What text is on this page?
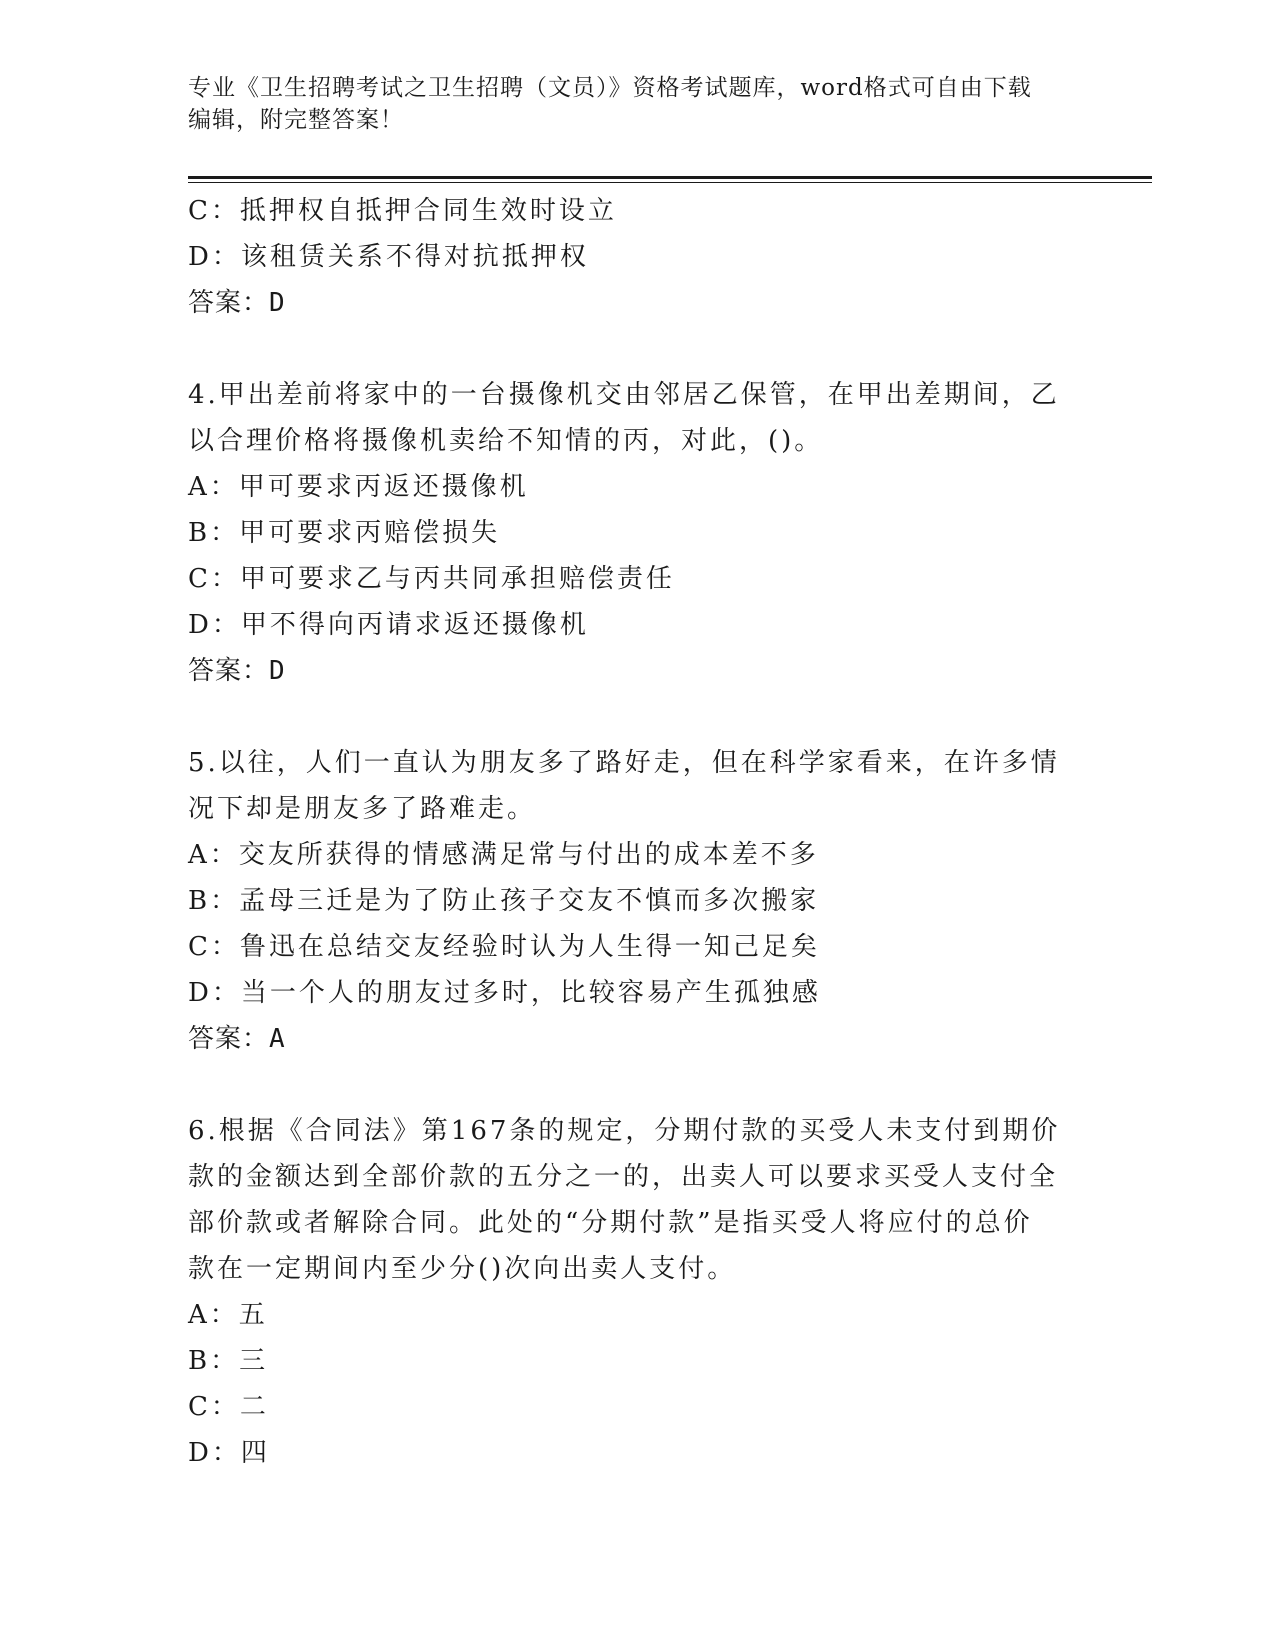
专业《卫生招聘考试之卫生招聘（文员）》资格考试题库，word格式可自由下载
编辑，附完整答案！
C：抵押权自抵押合同生效时设立
D：该租赁关系不得对抗抵押权
答案：D
4.甲出差前将家中的一台摄像机交由邻居乙保管，在甲出差期间，乙
以合理价格将摄像机卖给不知情的丙，对此，()。
A：甲可要求丙返还摄像机
B：甲可要求丙赔偿损失
C：甲可要求乙与丙共同承担赔偿责任
D：甲不得向丙请求返还摄像机
答案：D
5.以往，人们一直认为朋友多了路好走，但在科学家看来，在许多情
况下却是朋友多了路难走。
A：交友所获得的情感满足常与付出的成本差不多
B：孟母三迁是为了防止孩子交友不慎而多次搬家
C：鲁迅在总结交友经验时认为人生得一知己足矣
D：当一个人的朋友过多时，比较容易产生孤独感
答案：A
6.根据《合同法》第167条的规定，分期付款的买受人未支付到期价
款的金额达到全部价款的五分之一的，出卖人可以要求买受人支付全
部价款或者解除合同。此处的“分期付款”是指买受人将应付的总价
款在一定期间内至少分()次向出卖人支付。
A：五
B：三
C：二
D：四
